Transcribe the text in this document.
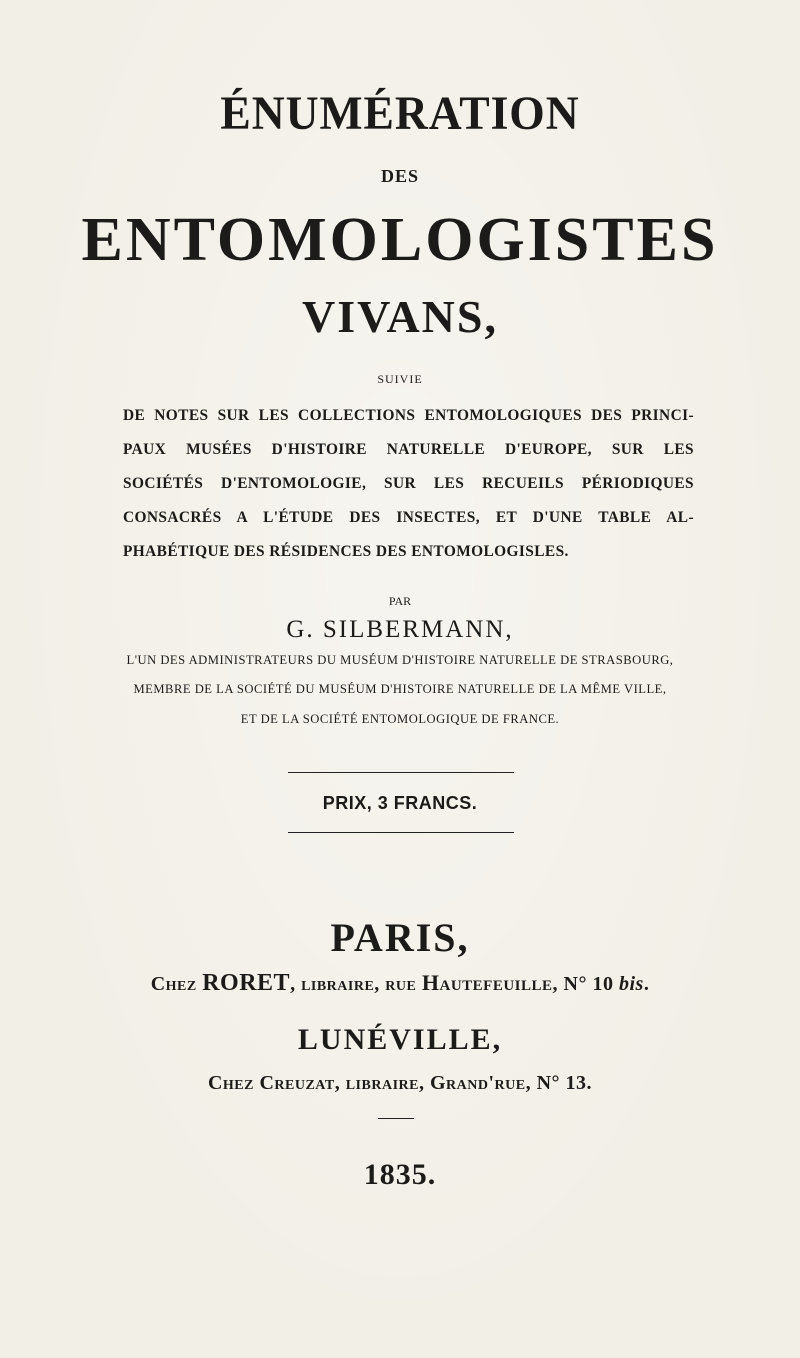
ÉNUMÉRATION
DES
ENTOMOLOGISTES
VIVANS,
SUIVIE
DE NOTES SUR LES COLLECTIONS ENTOMOLOGIQUES DES PRINCI-
PAUX MUSÉES D'HISTOIRE NATURELLE D'EUROPE, SUR LES
SOCIÉTÉS D'ENTOMOLOGIE, SUR LES RECUEILS PÉRIODIQUES
CONSACRÉS A L'ÉTUDE DES INSECTES, ET D'UNE TABLE AL-
PHABÉTIQUE DES RÉSIDENCES DES ENTOMOLOGISLES.
PAR
G. SILBERMANN,
L'UN DES ADMINISTRATEURS DU MUSÉUM D'HISTOIRE NATURELLE DE STRASBOURG,
MEMBRE DE LA SOCIÉTÉ DU MUSÉUM D'HISTOIRE NATURELLE DE LA MÊME VILLE,
ET DE LA SOCIÉTÉ ENTOMOLOGIQUE DE FRANCE.
PRIX, 3 FRANCS.
PARIS,
Chez RORET, libraire, rue Hautefeuille, N° 10 bis.
LUNÉVILLE,
Chez Creuzat, libraire, Grand'rue, N° 13.
1835.
